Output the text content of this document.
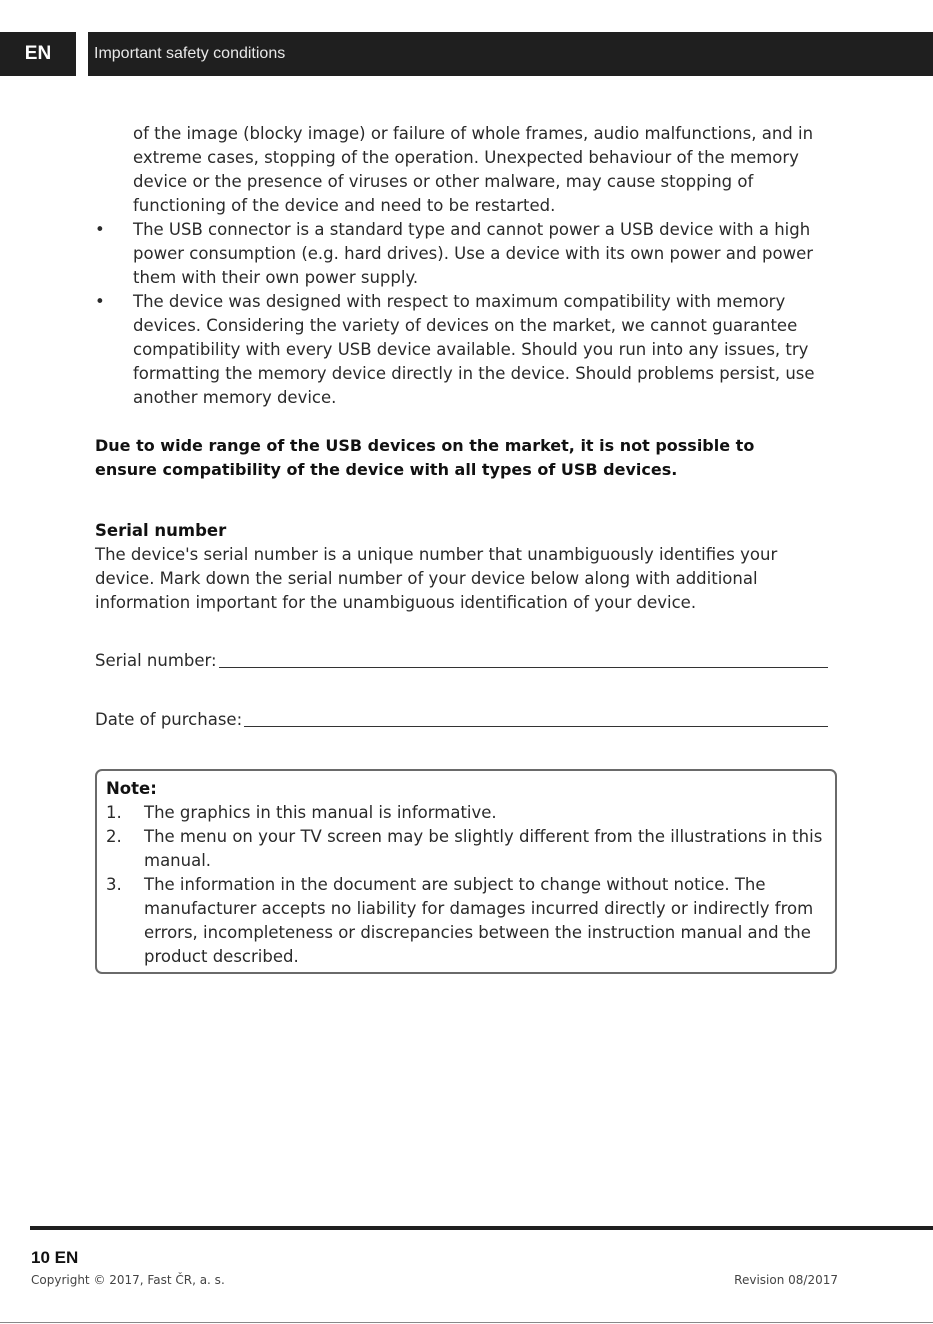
EN	Important safety conditions
of the image (blocky image) or failure of whole frames, audio malfunctions, and in extreme cases, stopping of the operation. Unexpected behaviour of the memory device or the presence of viruses or other malware, may cause stopping of functioning of the device and need to be restarted.
• The USB connector is a standard type and cannot power a USB device with a high power consumption (e.g. hard drives). Use a device with its own power and power them with their own power supply.
• The device was designed with respect to maximum compatibility with memory devices. Considering the variety of devices on the market, we cannot guarantee compatibility with every USB device available. Should you run into any issues, try formatting the memory device directly in the device. Should problems persist, use another memory device.
Due to wide range of the USB devices on the market, it is not possible to ensure compatibility of the device with all types of USB devices.
Serial number
The device's serial number is a unique number that unambiguously identifies your device. Mark down the serial number of your device below along with additional information important for the unambiguous identification of your device.
Serial number:
Date of purchase:
Note:
1. The graphics in this manual is informative.
2. The menu on your TV screen may be slightly different from the illustrations in this manual.
3. The information in the document are subject to change without notice. The manufacturer accepts no liability for damages incurred directly or indirectly from errors, incompleteness or discrepancies between the instruction manual and the product described.
10 EN
Copyright © 2017, Fast ČR, a. s.	Revision 08/2017
